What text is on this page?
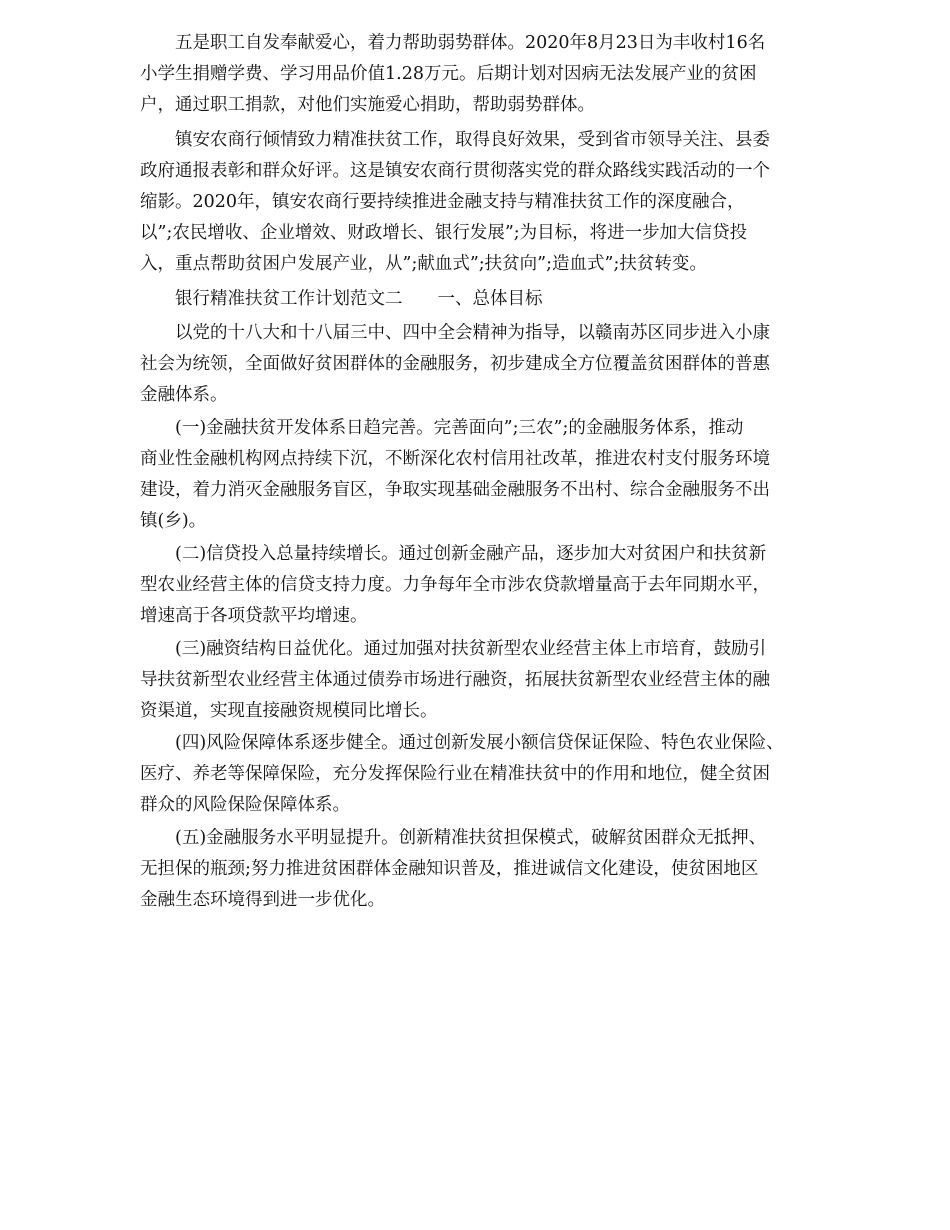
五是职工自发奉献爱心，着力帮助弱势群体。2020年8月23日为丰收村16名
小学生捐赠学费、学习用品价值1.28万元。后期计划对因病无法发展产业的贫困
户，通过职工捐款，对他们实施爱心捐助，帮助弱势群体。
镇安农商行倾情致力精准扶贫工作，取得良好效果，受到省市领导关注、县委
政府通报表彰和群众好评。这是镇安农商行贯彻落实党的群众路线实践活动的一个
缩影。2020年，镇安农商行要持续推进金融支持与精准扶贫工作的深度融合，
以”;农民增收、企业增效、财政增长、银行发展”;为目标，将进一步加大信贷投
入，重点帮助贫困户发展产业，从”;献血式”;扶贫向”;造血式”;扶贫转变。
银行精准扶贫工作计划范文二　　一、总体目标
以党的十八大和十八届三中、四中全会精神为指导，以赣南苏区同步进入小康
社会为统领，全面做好贫困群体的金融服务，初步建成全方位覆盖贫困群体的普惠
金融体系。
(一)金融扶贫开发体系日趋完善。完善面向”;三农”;的金融服务体系，推动
商业性金融机构网点持续下沉，不断深化农村信用社改革，推进农村支付服务环境
建设，着力消灭金融服务盲区，争取实现基础金融服务不出村、综合金融服务不出
镇(乡)。
(二)信贷投入总量持续增长。通过创新金融产品，逐步加大对贫困户和扶贫新
型农业经营主体的信贷支持力度。力争每年全市涉农贷款增量高于去年同期水平，
增速高于各项贷款平均增速。
(三)融资结构日益优化。通过加强对扶贫新型农业经营主体上市培育，鼓励引
导扶贫新型农业经营主体通过债券市场进行融资，拓展扶贫新型农业经营主体的融
资渠道，实现直接融资规模同比增长。
(四)风险保障体系逐步健全。通过创新发展小额信贷保证保险、特色农业保险、
医疗、养老等保障保险，充分发挥保险行业在精准扶贫中的作用和地位，健全贫困
群众的风险保险保障体系。
(五)金融服务水平明显提升。创新精准扶贫担保模式，破解贫困群众无抵押、
无担保的瓶颈;努力推进贫困群体金融知识普及，推进诚信文化建设，使贫困地区
金融生态环境得到进一步优化。
